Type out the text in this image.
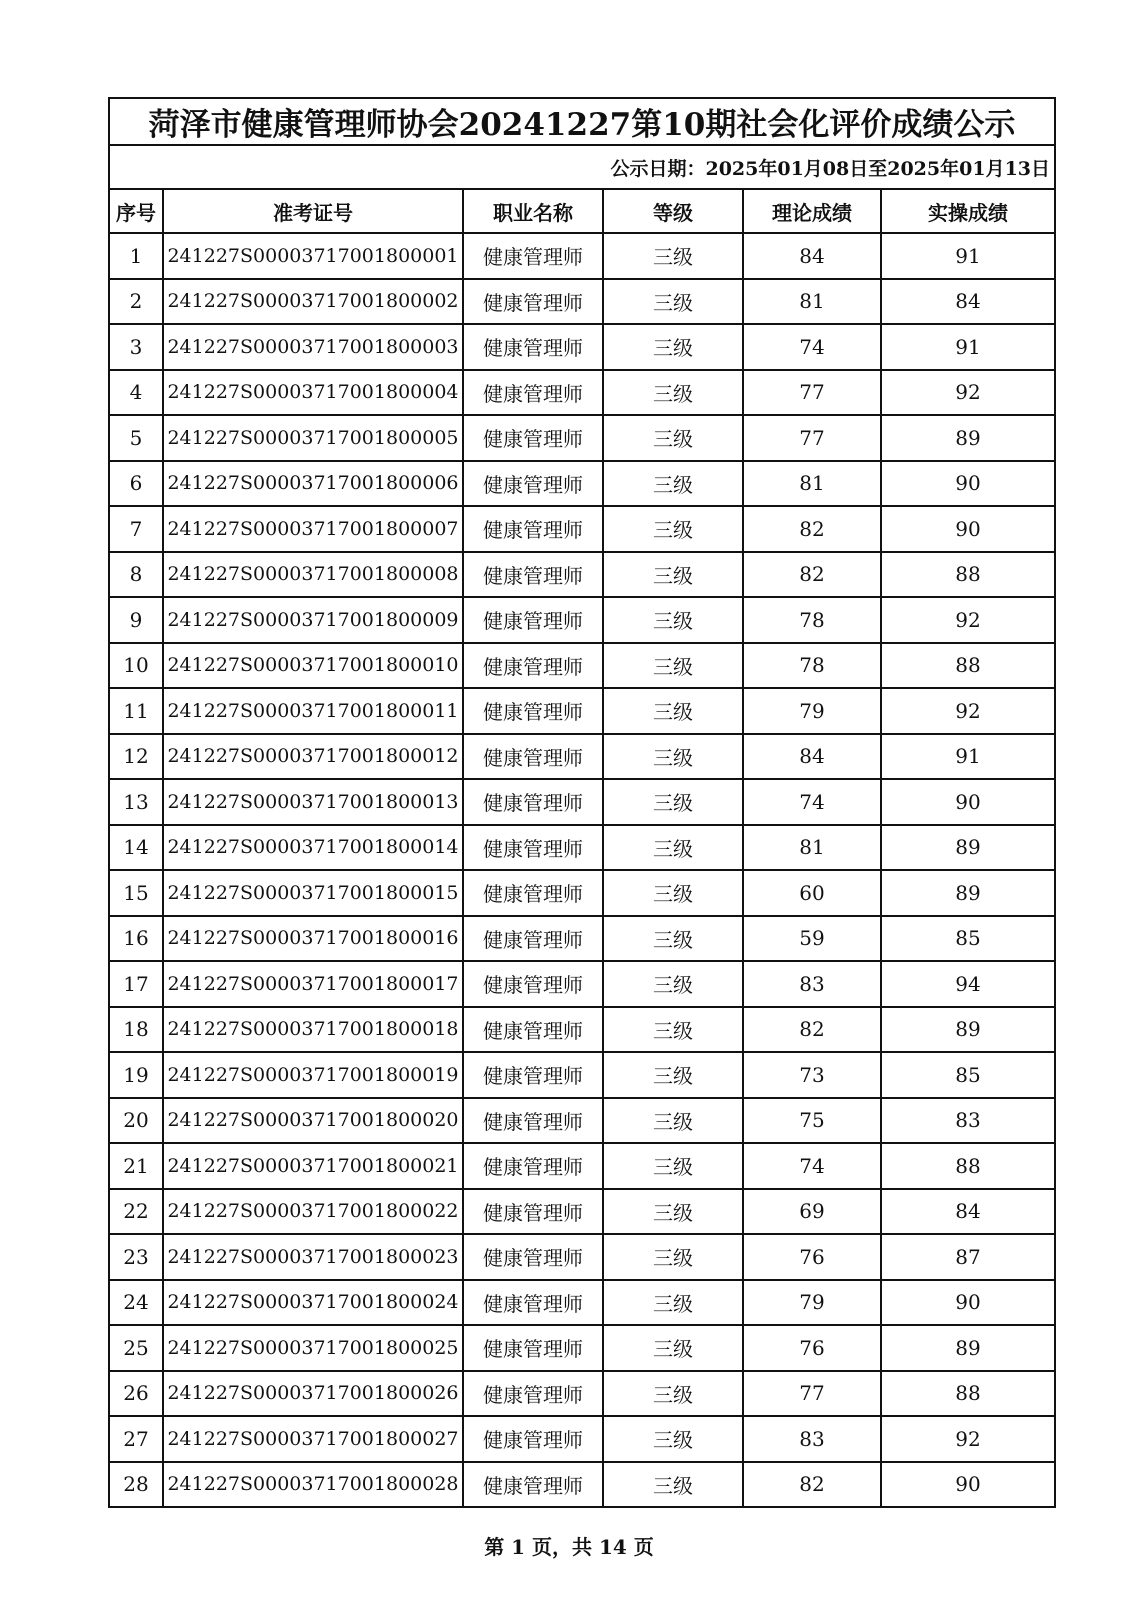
菏泽市健康管理师协会20241227第10期社会化评价成绩公示					
公示日期：2025年01月08日至2025年01月13日					
序号	准考证号	职业名称	等级	理论成绩	实操成绩
1	241227S00003717001800001	健康管理师	三级	84	91
2	241227S00003717001800002	健康管理师	三级	81	84
3	241227S00003717001800003	健康管理师	三级	74	91
4	241227S00003717001800004	健康管理师	三级	77	92
5	241227S00003717001800005	健康管理师	三级	77	89
6	241227S00003717001800006	健康管理师	三级	81	90
7	241227S00003717001800007	健康管理师	三级	82	90
8	241227S00003717001800008	健康管理师	三级	82	88
9	241227S00003717001800009	健康管理师	三级	78	92
10	241227S00003717001800010	健康管理师	三级	78	88
11	241227S00003717001800011	健康管理师	三级	79	92
12	241227S00003717001800012	健康管理师	三级	84	91
13	241227S00003717001800013	健康管理师	三级	74	90
14	241227S00003717001800014	健康管理师	三级	81	89
15	241227S00003717001800015	健康管理师	三级	60	89
16	241227S00003717001800016	健康管理师	三级	59	85
17	241227S00003717001800017	健康管理师	三级	83	94
18	241227S00003717001800018	健康管理师	三级	82	89
19	241227S00003717001800019	健康管理师	三级	73	85
20	241227S00003717001800020	健康管理师	三级	75	83
21	241227S00003717001800021	健康管理师	三级	74	88
22	241227S00003717001800022	健康管理师	三级	69	84
23	241227S00003717001800023	健康管理师	三级	76	87
24	241227S00003717001800024	健康管理师	三级	79	90
25	241227S00003717001800025	健康管理师	三级	76	89
26	241227S00003717001800026	健康管理师	三级	77	88
27	241227S00003717001800027	健康管理师	三级	83	92
28	241227S00003717001800028	健康管理师	三级	82	90
第 1 页，共 14 页
